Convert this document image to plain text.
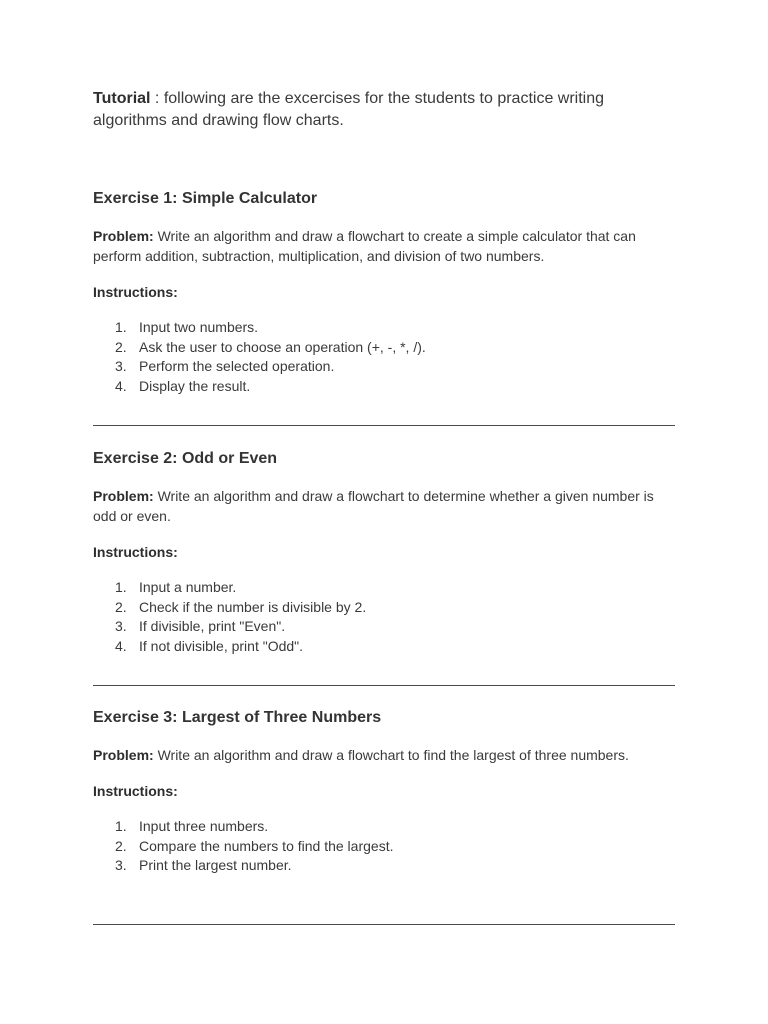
Tutorial : following are the excercises for the students to practice writing algorithms and drawing flow charts.

Exercise 1: Simple Calculator

Problem: Write an algorithm and draw a flowchart to create a simple calculator that can perform addition, subtraction, multiplication, and division of two numbers.

Instructions:

1. Input two numbers.
2. Ask the user to choose an operation (+, -, *, /).
3. Perform the selected operation.
4. Display the result.
Exercise 2: Odd or Even

Problem: Write an algorithm and draw a flowchart to determine whether a given number is odd or even.

Instructions:

1. Input a number.
2. Check if the number is divisible by 2.
3. If divisible, print "Even".
4. If not divisible, print "Odd".
Exercise 3: Largest of Three Numbers

Problem: Write an algorithm and draw a flowchart to find the largest of three numbers.

Instructions:

1. Input three numbers.
2. Compare the numbers to find the largest.
3. Print the largest number.
